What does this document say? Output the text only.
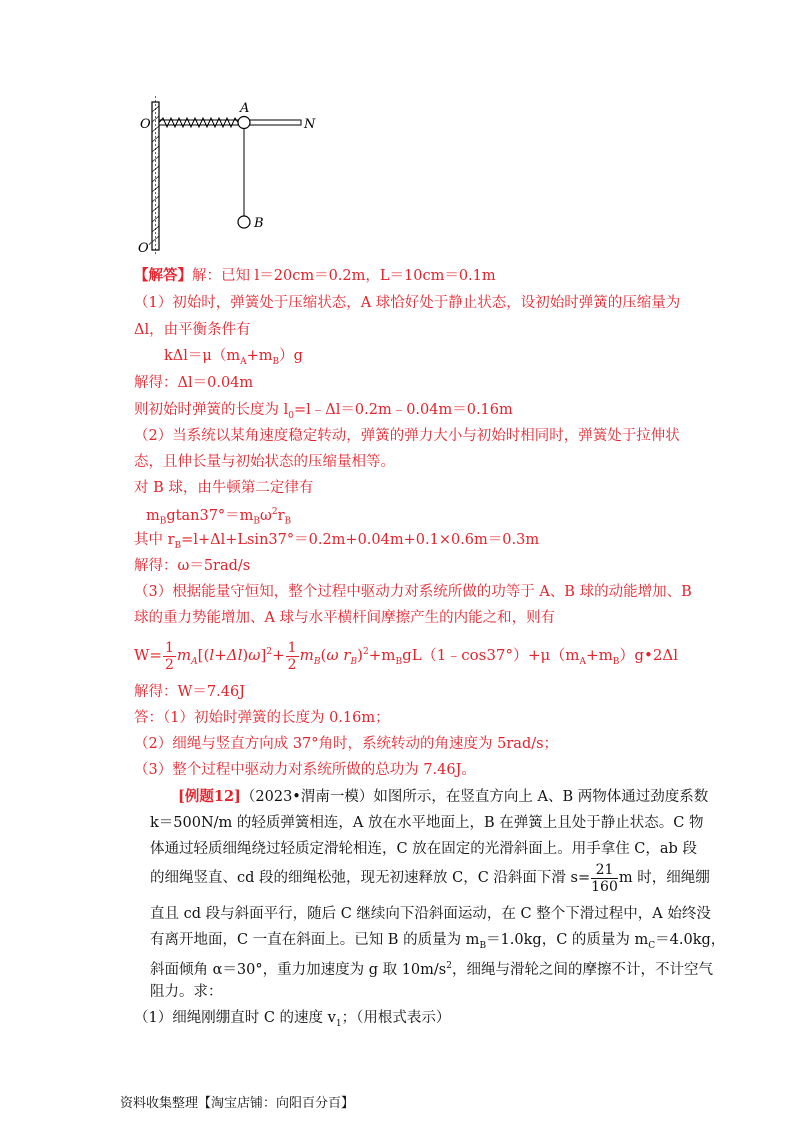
O
A
N
B
O′
【解答】解：已知 l＝20cm＝0.2m，L＝10cm＝0.1m
（1）初始时，弹簧处于压缩状态，A 球恰好处于静止状态，设初始时弹簧的压缩量为
Δl，由平衡条件有
$k\Delta l=\mu(m_A+m_B)g$
解得：Δl＝0.04m
则初始时弹簧的长度为 $l_0=l﹣\Delta l=0.2m﹣0.04m=0.16m$
（2）当系统以某角速度稳定转动，弹簧的弹力大小与初始时相同时，弹簧处于拉伸状
态，且伸长量与初始状态的压缩量相等。
对 B 球，由牛顿第二定律有
$m_Bgtan37^\circ=m_B\omega^2r_B$
其中 $r_B=l+\Delta l+Lsin37^\circ=0.2m+0.04m+0.1\times 0.6m=0.3m$
解得：ω＝5rad/s
（3）根据能量守恒知，整个过程中驱动力对系统所做的功等于 A、B 球的动能增加、B
球的重力势能增加、A 球与水平横杆间摩擦产生的内能之和，则有
$W= \frac{1}{2} m_A[(l+\Delta l)\omega]^2+ \frac{1}{2} m_B(\omega$ $r_B)^2+m_BgL(1﹣\cos 37^\circ)+\mu(m_A+m_B)g•2\Delta l$
解得：W＝7.46J
答：（1）初始时弹簧的长度为 0.16m；
（2）细绳与竖直方向成 37°角时，系统转动的角速度为 5rad/s；
（3）整个过程中驱动力对系统所做的总功为 7.46J。
[例题12]（2023•渭南一模）如图所示，在竖直方向上 A、B 两物体通过劲度系数
k＝500N/m 的轻质弹簧相连，A 放在水平地面上，B 在弹簧上且处于静止状态。C 物
体通过轻质细绳绕过轻质定滑轮相连，C 放在固定的光滑斜面上。用手拿住 C，ab 段
的细绳竖直、cd 段的细绳松弛，现无初速释放 C，C 沿斜面下滑 $s= \frac{21}{160}$ m 时，细绳绷
直且 cd 段与斜面平行，随后 C 继续向下沿斜面运动，在 C 整个下滑过程中，A 始终没
有离开地面，C 一直在斜面上。已知 B 的质量为 $m_B=1.0kg$，C 的质量为 $m_C=4.0kg$，
斜面倾角 α＝30°，重力加速度为 g 取 $10m/s^2$，细绳与滑轮之间的摩擦不计，不计空气
阻力。求：
（1）细绳刚绷直时 C 的速度 $v_1$；（用根式表示）
资料收集整理【淘宝店铺：向阳百分百】
